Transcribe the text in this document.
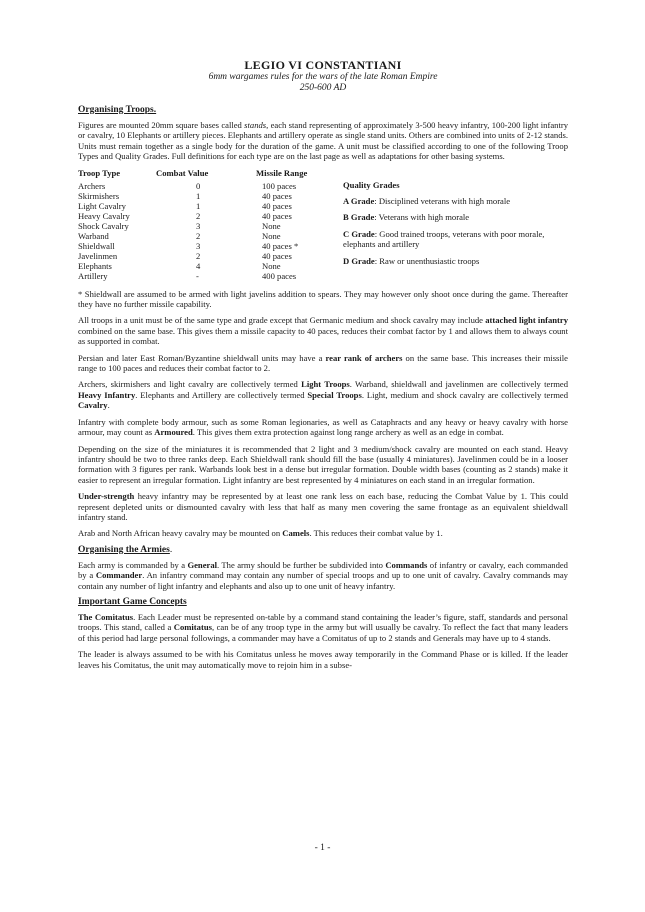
LEGIO VI CONSTANTIANI
6mm wargames rules for the wars of the late Roman Empire
250-600 AD
Organising Troops.

Figures are mounted 20mm square bases called stands, each stand representing of approximately 3-500 heavy infantry, 100-200 light infantry or cavalry, 10 Elephants or artillery pieces. Elephants and artillery operate as single stand units. Others are combined into units of 2-12 stands. Units must remain together as a single body for the duration of the game. A unit must be classified according to one of the following Troop Types and Quality Grades. Full definitions for each type are on the last page as well as adaptations for other basing systems.

Troop Type	Combat Value	Missile Range
Archers	0	100 paces
Skirmishers	1	40 paces
Light Cavalry	1	40 paces
Heavy Cavalry	2	40 paces
Shock Cavalry	3	None
Warband	2	None
Shieldwall	3	40 paces *
Javelinmen	2	40 paces
Elephants	4	None
Artillery	-	400 paces
Quality Grades
A Grade: Disciplined veterans with high morale
B Grade: Veterans with high morale
C Grade: Good trained troops, veterans with poor morale, elephants and artillery
D Grade: Raw or unenthusiastic troops

* Shieldwall are assumed to be armed with light javelins addition to spears. They may however only shoot once during the game. Thereafter they have no further missile capability.

All troops in a unit must be of the same type and grade except that Germanic medium and shock cavalry may include attached light infantry combined on the same base. This gives them a missile capacity to 40 paces, reduces their combat factor by 1 and allows them to always count as supported in combat.

Persian and later East Roman/Byzantine shieldwall units may have a rear rank of archers on the same base. This increases their missile range to 100 paces and reduces their combat factor to 2.

Archers, skirmishers and light cavalry are collectively termed Light Troops. Warband, shieldwall and javelinmen are collectively termed Heavy Infantry. Elephants and Artillery are collectively termed Special Troops. Light, medium and shock cavalry are collectively termed Cavalry.

Infantry with complete body armour, such as some Roman legionaries, as well as Cataphracts and any heavy or heavy cavalry with horse armour, may count as Armoured. This gives them extra protection against long range archery as well as an edge in combat.

Depending on the size of the miniatures it is recommended that 2 light and 3 medium/shock cavalry are mounted on each stand. Heavy infantry should be two to three ranks deep. Each Shieldwall rank should fill the base (usually 4 miniatures). Javelinmen could be in a looser formation with 3 figures per rank. Warbands look best in a dense but irregular formation. Double width bases (counting as 2 stands) make it easier to represent an irregular formation. Light infantry are best represented by 4 miniatures on each stand in an irregular formation.

Under-strength heavy infantry may be represented by at least one rank less on each base, reducing the Combat Value by 1. This could represent depleted units or dismounted cavalry with less that half as many men covering the same frontage as an equivalent shieldwall infantry stand.

Arab and North African heavy cavalry may be mounted on Camels. This reduces their combat value by 1.

Organising the Armies.

Each army is commanded by a General. The army should be further be subdivided into Commands of infantry or cavalry, each commanded by a Commander. An infantry command may contain any number of special troops and up to one unit of cavalry. Cavalry commands may contain any number of light infantry and elephants and also up to one unit of heavy infantry.

Important Game Concepts

The Comitatus. Each Leader must be represented on-table by a command stand containing the leader’s figure, staff, standards and personal troops. This stand, called a Comitatus, can be of any troop type in the army but will usually be cavalry. To reflect the fact that many leaders of this period had large personal followings, a commander may have a Comitatus of up to 2 stands and Generals may have up to 4 stands.

The leader is always assumed to be with his Comitatus unless he moves away temporarily in the Command Phase or is killed. If the leader leaves his Comitatus, the unit may automatically move to rejoin him in a subse-

- 1 -
